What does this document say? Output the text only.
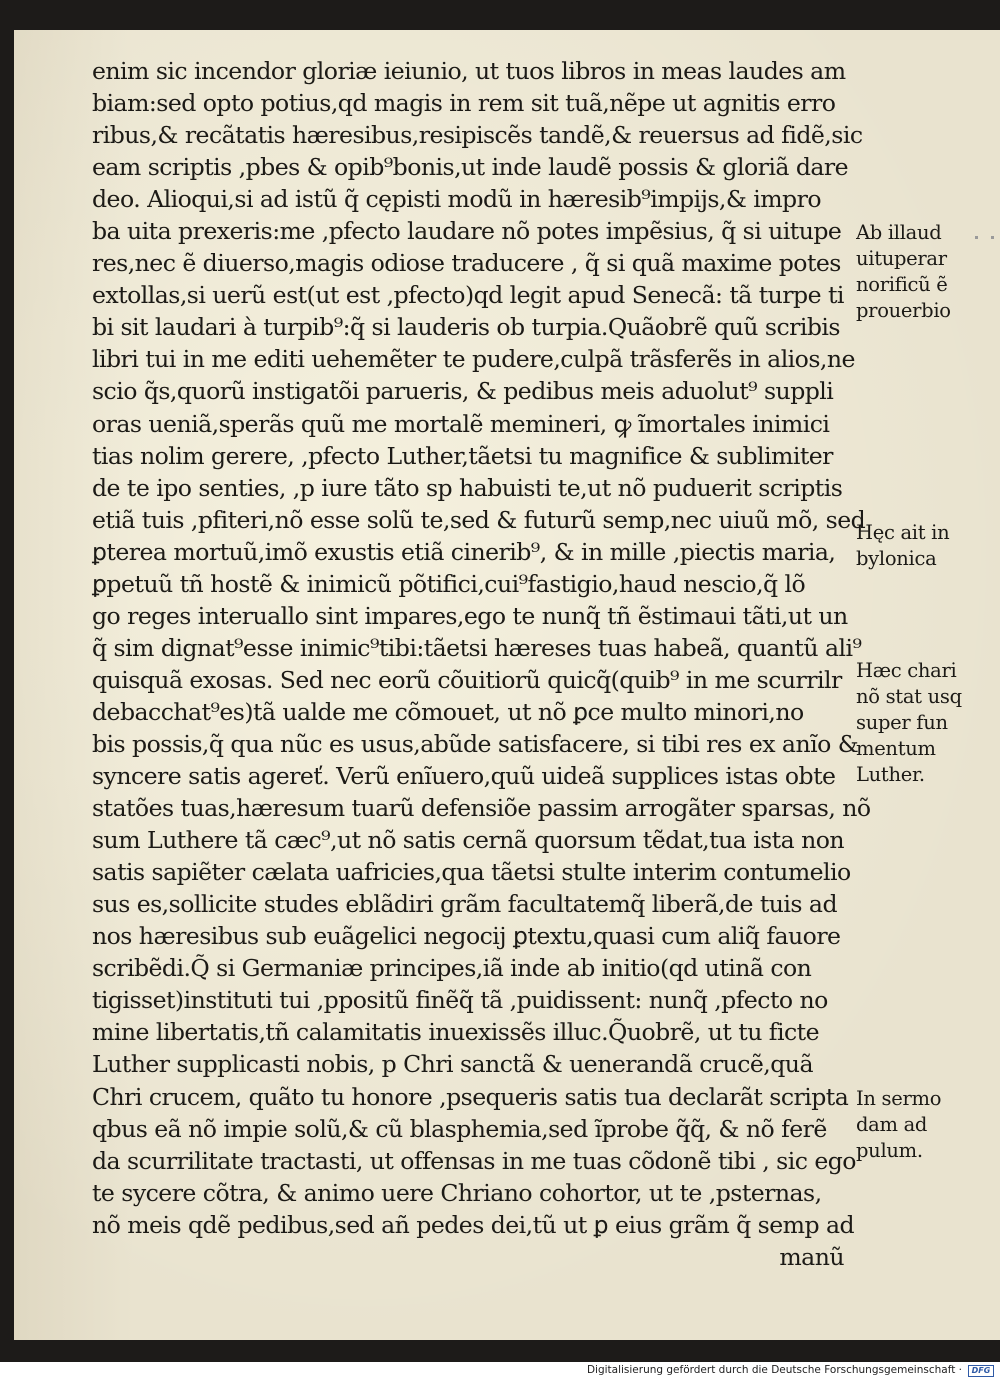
enim sic incendor gloriæ ieiunio, ut tuos libros in meas laudes am
biam:sed opto potius,qd magis in rem sit tuã,nẽpe ut agnitis erro
ribus,& recãtatis hæresibus,resipiscẽs tandẽ,& reuersus ad fidẽ,sic
eam scriptis ,pbes & opib⁹bonis,ut inde laudẽ possis & gloriã dare
deo. Alioqui,si ad istũ q̃ cępisti modũ in hæresib⁹impijs,& impro
ba uita prexeris:me ,pfecto laudare nõ potes impẽsius, q̃ si uitupe
res,nec ẽ diuerso,magis odiose traducere , q̃ si quã maxime potes
extollas,si uerũ est(ut est ,pfecto)qd legit apud Senecã: tã turpe ti
bi sit laudari à turpib⁹:q̃ si lauderis ob turpia.Quãobrẽ quũ scribis
libri tui in me editi uehemẽter te pudere,culpã trãsferẽs in alios,ne
scio q̃s,quorũ instigatõi parueris, & pedibus meis aduolut⁹ suppli
oras ueniã,sperãs quũ me mortalẽ memineri, ꝙ ĩmortales inimici
tias nolim gerere, ,pfecto Luther,tãetsi tu magnifice & sublimiter
de te ipo senties, ,p iure tãto sp habuisti te,ut nõ puduerit scriptis
etiã tuis ,pfiteri,nõ esse solũ te,sed & futurũ semp,nec uiuũ mõ, sed
ꝑterea mortuũ,imõ exustis etiã cinerib⁹, & in mille ,piectis maria,
ꝑpetuũ tñ hostẽ & inimicũ põtifici,cui⁹fastigio,haud nescio,q̃ lõ
go reges interuallo sint impares,ego te nunq̃ tñ ẽstimaui tãti,ut un
q̃ sim dignat⁹esse inimic⁹tibi:tãetsi hæreses tuas habeã, quantũ ali⁹
quisquã exosas. Sed nec eorũ cõuitiorũ quicq̃(quib⁹ in me scurrilr
debacchat⁹es)tã ualde me cõmouet, ut nõ ꝑce multo minori,no
bis possis,q̃ qua nũc es usus,abũde satisfacere, si tibi res ex anĩo &
syncere satis agereť. Verũ enĩuero,quũ uideã supplices istas obte
statões tuas,hæresum tuarũ defensiõe passim arrogãter sparsas, nõ
sum Luthere tã cæc⁹,ut nõ satis cernã quorsum tẽdat,tua ista non
satis sapiẽter cælata uafricies,qua tãetsi stulte interim contumelio
sus es,sollicite studes eblãdiri grãm facultatemq̃ liberã,de tuis ad
nos hæresibus sub euãgelici negocij ꝑtextu,quasi cum aliq̃ fauore
scribẽdi.Q̃ si Germaniæ principes,iã inde ab initio(qd utinã con
tigisset)instituti tui ,ppositũ finẽq̃ tã ,puidissent: nunq̃ ,pfecto no
mine libertatis,tñ calamitatis inuexissẽs illuc.Q̃uobrẽ, ut tu ficte
Luther supplicasti nobis, p Chri sanctã & uenerandã crucẽ,quã
Chri crucem, quãto tu honore ,psequeris satis tua declarãt scripta
qbus eã nõ impie solũ,& cũ blasphemia,sed ĩprobe q̃q̃, & nõ ferẽ
da scurrilitate tractasti, ut offensas in me tuas cõdonẽ tibi , sic ego
te sycere cõtra, & animo uere Chriano cohortor, ut te ,psternas,
nõ meis qdẽ pedibus,sed añ pedes dei,tũ ut ꝑ eius grãm q̃ semp ad
manũ
Ab illaud
uituperar
norificũ ẽ
prouerbio
Hęc ait in
bylonica
Hæc chari
nõ stat usq
super fun
mentum
Luther.
In sermo
dam ad
pulum.
Digitalisierung gefördert durch die Deutsche Forschungsgemeinschaft ·	DFG
